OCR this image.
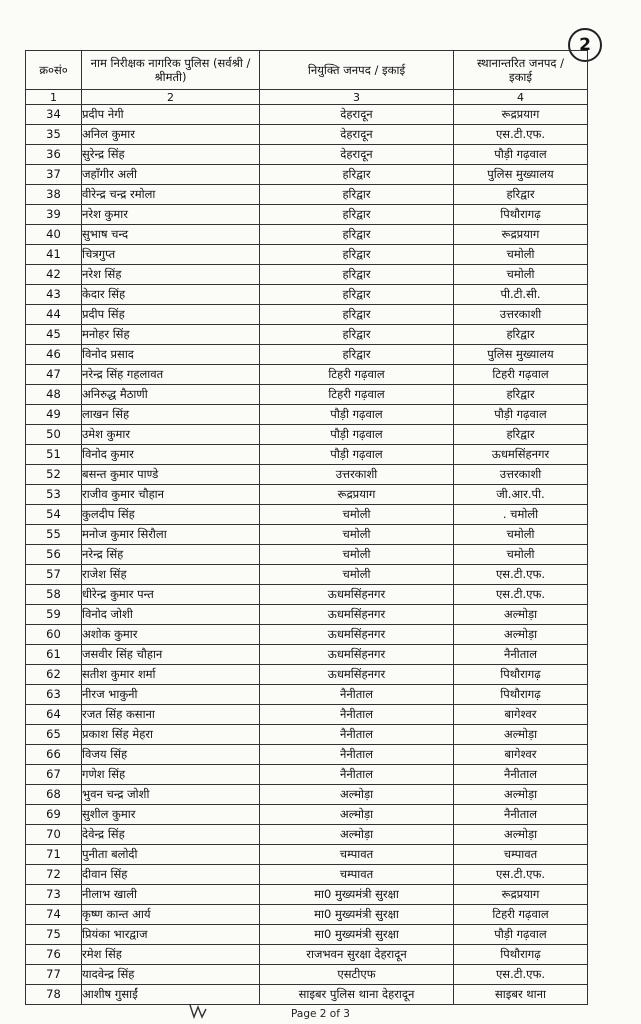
2
क्र०सं०	नाम निरीक्षक नागरिक पुलिस (सर्वश्री / श्रीमती)	नियुक्ति जनपद / इकाई	स्थानान्तरित जनपद / इकाई
1	2	3	4
34	प्रदीप नेगी	देहरादून	रूद्रप्रयाग
35	अनिल कुमार	देहरादून	एस.टी.एफ.
36	सुरेन्द्र सिंह	देहरादून	पौड़ी गढ़वाल
37	जहाँगीर अली	हरिद्वार	पुलिस मुख्यालय
38	वीरेन्द्र चन्द्र रमोला	हरिद्वार	हरिद्वार
39	नरेश कुमार	हरिद्वार	पिथौरागढ़
40	सुभाष चन्द	हरिद्वार	रूद्रप्रयाग
41	चित्रगुप्त	हरिद्वार	चमोली
42	नरेश सिंह	हरिद्वार	चमोली
43	केदार सिंह	हरिद्वार	पी.टी.सी.
44	प्रदीप सिंह	हरिद्वार	उत्तरकाशी
45	मनोहर सिंह	हरिद्वार	हरिद्वार
46	विनोद प्रसाद	हरिद्वार	पुलिस मुख्यालय
47	नरेन्द्र सिंह गहलावत	टिहरी गढ़वाल	टिहरी गढ़वाल
48	अनिरुद्ध मैठाणी	टिहरी गढ़वाल	हरिद्वार
49	लाखन सिंह	पौड़ी गढ़वाल	पौड़ी गढ़वाल
50	उमेश कुमार	पौड़ी गढ़वाल	हरिद्वार
51	विनोद कुमार	पौड़ी गढ़वाल	ऊधमसिंहनगर
52	बसन्त कुमार पाण्डे	उत्तरकाशी	उत्तरकाशी
53	राजीव कुमार चौहान	रूद्रप्रयाग	जी.आर.पी.
54	कुलदीप सिंह	चमोली	. चमोली
55	मनोज कुमार सिरौला	चमोली	चमोली
56	नरेन्द्र सिंह	चमोली	चमोली
57	राजेश सिंह	चमोली	एस.टी.एफ.
58	धीरेन्द्र कुमार पन्त	ऊधमसिंहनगर	एस.टी.एफ.
59	विनोद जोशी	ऊधमसिंहनगर	अल्मोड़ा
60	अशोक कुमार	ऊधमसिंहनगर	अल्मोड़ा
61	जसवीर सिंह चौहान	ऊधमसिंहनगर	नैनीताल
62	सतीश कुमार शर्मा	ऊधमसिंहनगर	पिथौरागढ़
63	नीरज भाकुनी	नैनीताल	पिथौरागढ़
64	रजत सिंह कसाना	नैनीताल	बागेश्वर
65	प्रकाश सिंह मेहरा	नैनीताल	अल्मोड़ा
66	विजय सिंह	नैनीताल	बागेश्वर
67	गणेश सिंह	नैनीताल	नैनीताल
68	भुवन चन्द्र जोशी	अल्मोड़ा	अल्मोड़ा
69	सुशील कुमार	अल्मोड़ा	नैनीताल
70	देवेन्द्र सिंह	अल्मोड़ा	अल्मोड़ा
71	पुनीता बलोदी	चम्पावत	चम्पावत
72	दीवान सिंह	चम्पावत	एस.टी.एफ.
73	नीलाभ खाली	मा0 मुख्यमंत्री सुरक्षा	रूद्रप्रयाग
74	कृष्ण कान्त आर्य	मा0 मुख्यमंत्री सुरक्षा	टिहरी गढ़वाल
75	प्रियंका भारद्वाज	मा0 मुख्यमंत्री सुरक्षा	पौड़ी गढ़वाल
76	रमेश सिंह	राजभवन सुरक्षा देहरादून	पिथौरागढ़
77	यादवेन्द्र सिंह	एसटीएफ	एस.टी.एफ.
78	आशीष गुसाईं	साइबर पुलिस थाना देहरादून	साइबर थाना
Page 2 of 3
